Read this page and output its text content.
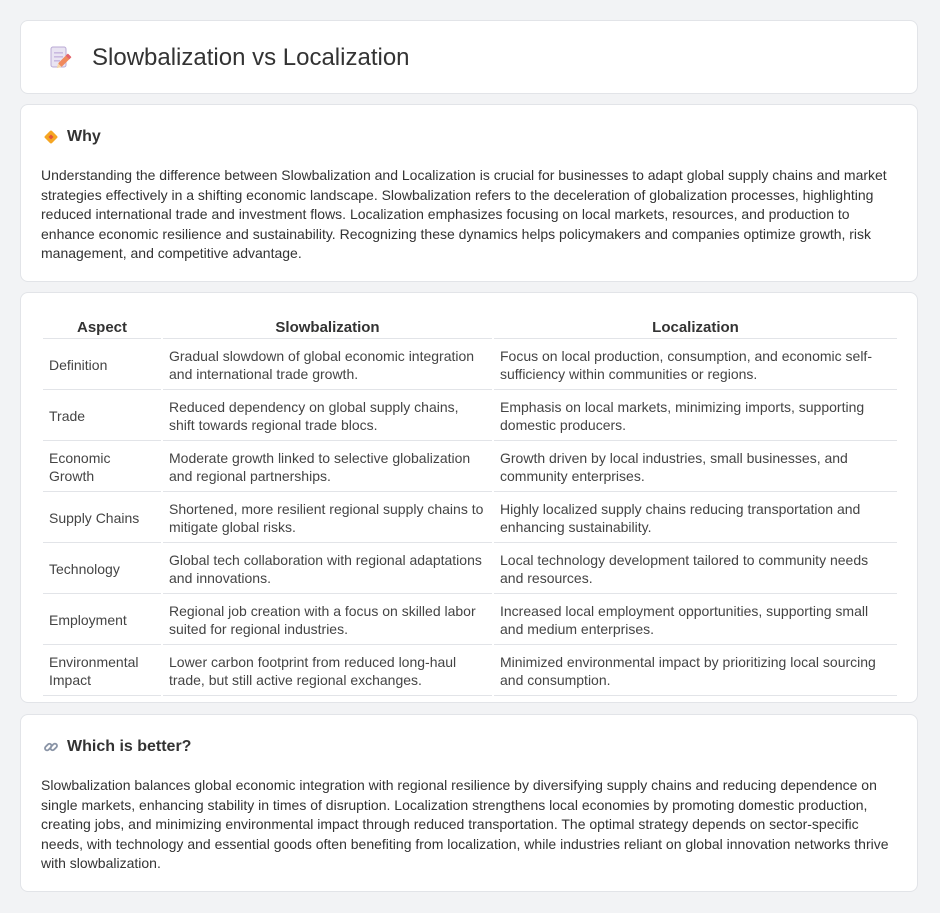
Slowbalization vs Localization
Why

Understanding the difference between Slowbalization and Localization is crucial for businesses to adapt global supply chains and market strategies effectively in a shifting economic landscape. Slowbalization refers to the deceleration of globalization processes, highlighting reduced international trade and investment flows. Localization emphasizes focusing on local markets, resources, and production to enhance economic resilience and sustainability. Recognizing these dynamics helps policymakers and companies optimize growth, risk management, and competitive advantage.

Aspect	Slowbalization	Localization
Definition	Gradual slowdown of global economic integration and international trade growth.	Focus on local production, consumption, and economic self-sufficiency within communities or regions.
Trade	Reduced dependency on global supply chains, shift towards regional trade blocs.	Emphasis on local markets, minimizing imports, supporting domestic producers.
Economic Growth	Moderate growth linked to selective globalization and regional partnerships.	Growth driven by local industries, small businesses, and community enterprises.
Supply Chains	Shortened, more resilient regional supply chains to mitigate global risks.	Highly localized supply chains reducing transportation and enhancing sustainability.
Technology	Global tech collaboration with regional adaptations and innovations.	Local technology development tailored to community needs and resources.
Employment	Regional job creation with a focus on skilled labor suited for regional industries.	Increased local employment opportunities, supporting small and medium enterprises.
Environmental Impact	Lower carbon footprint from reduced long-haul trade, but still active regional exchanges.	Minimized environmental impact by prioritizing local sourcing and consumption.
Which is better?

Slowbalization balances global economic integration with regional resilience by diversifying supply chains and reducing dependence on single markets, enhancing stability in times of disruption. Localization strengthens local economies by promoting domestic production, creating jobs, and minimizing environmental impact through reduced transportation. The optimal strategy depends on sector-specific needs, with technology and essential goods often benefiting from localization, while industries reliant on global innovation networks thrive with slowbalization.
